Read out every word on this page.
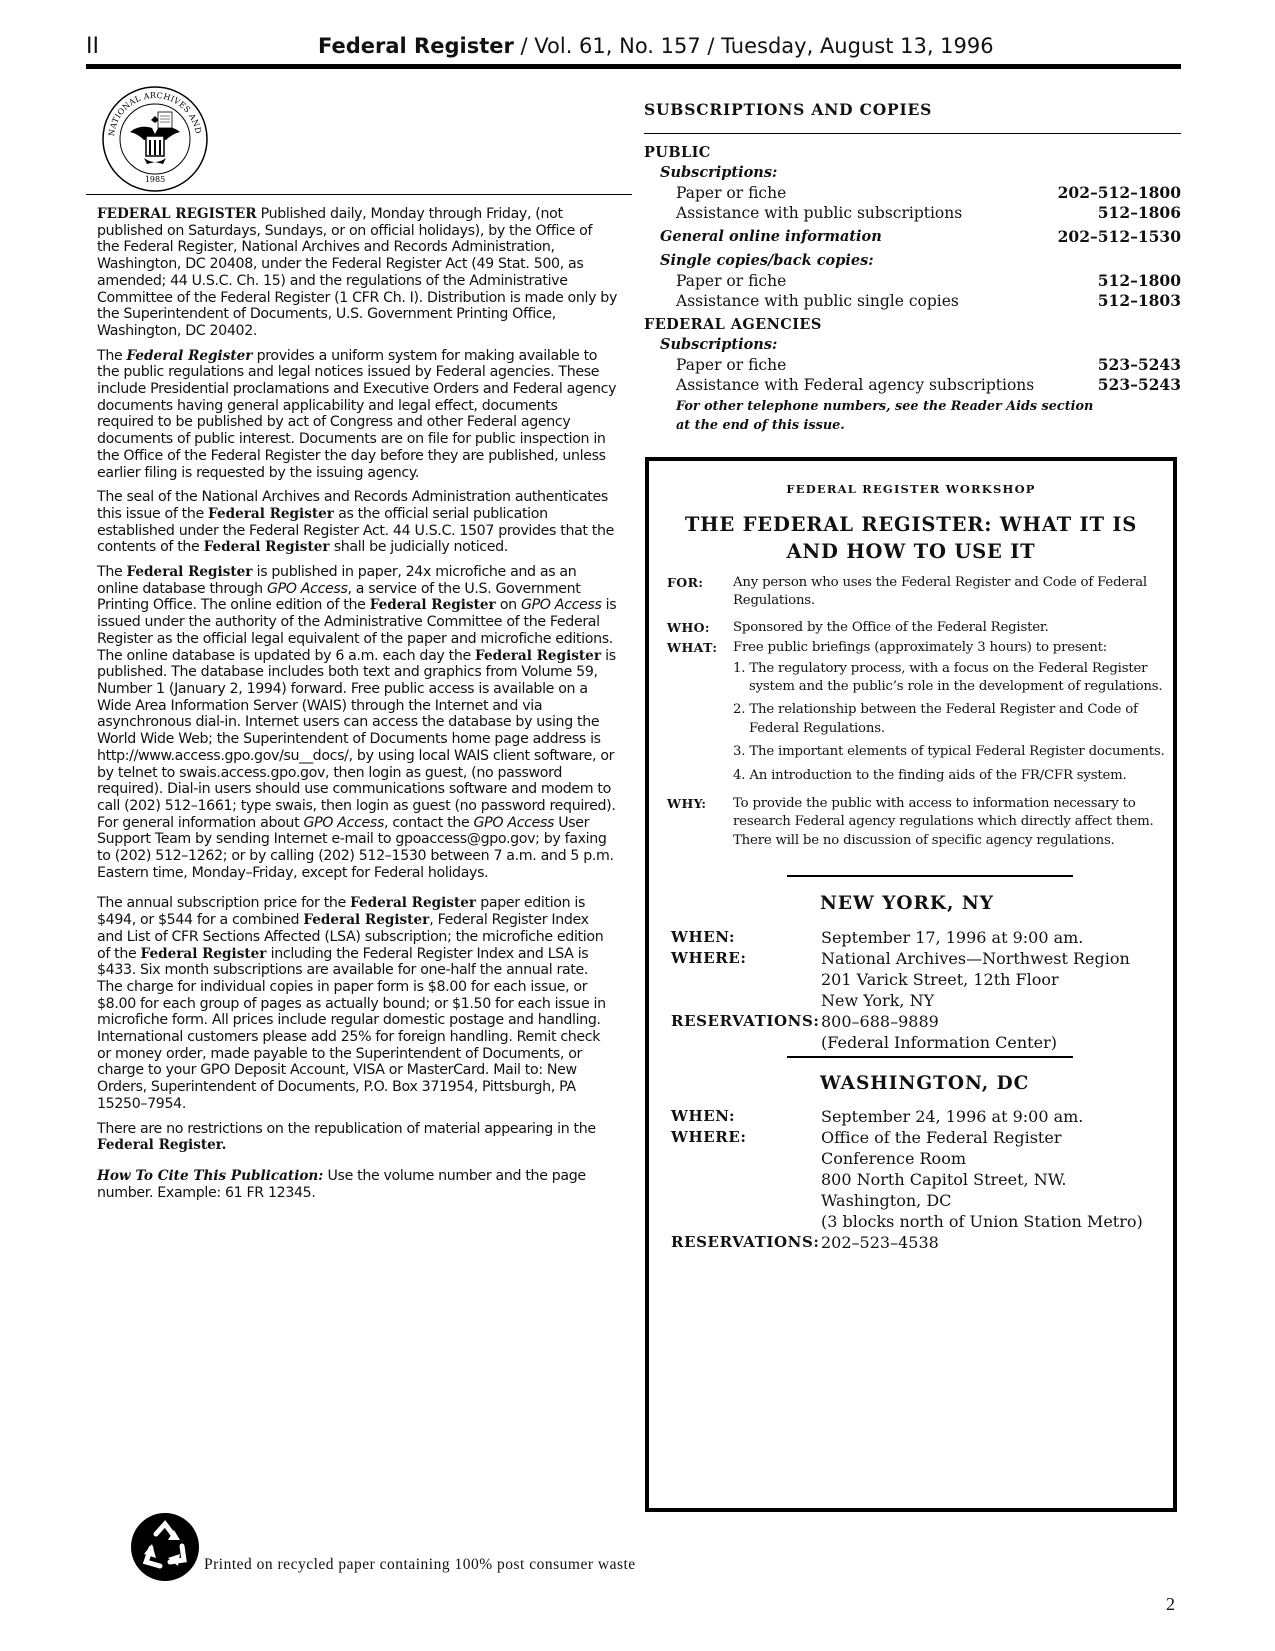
II	Federal Register / Vol. 61, No. 157 / Tuesday, August 13, 1996
NATIONAL ARCHIVES AND
1985

FEDERAL REGISTER Published daily, Monday through Friday, (not published on Saturdays, Sundays, or on official holidays), by the Office of the Federal Register, National Archives and Records Administration, Washington, DC 20408, under the Federal Register Act (49 Stat. 500, as amended; 44 U.S.C. Ch. 15) and the regulations of the Administrative Committee of the Federal Register (1 CFR Ch. I). Distribution is made only by the Superintendent of Documents, U.S. Government Printing Office, Washington, DC 20402.

The Federal Register provides a uniform system for making available to the public regulations and legal notices issued by Federal agencies. These include Presidential proclamations and Executive Orders and Federal agency documents having general applicability and legal effect, documents required to be published by act of Congress and other Federal agency documents of public interest. Documents are on file for public inspection in the Office of the Federal Register the day before they are published, unless earlier filing is requested by the issuing agency.

The seal of the National Archives and Records Administration authenticates this issue of the Federal Register as the official serial publication established under the Federal Register Act. 44 U.S.C. 1507 provides that the contents of the Federal Register shall be judicially noticed.

The Federal Register is published in paper, 24x microfiche and as an online database through GPO Access, a service of the U.S. Government Printing Office. The online edition of the Federal Register on GPO Access is issued under the authority of the Administrative Committee of the Federal Register as the official legal equivalent of the paper and microfiche editions. The online database is updated by 6 a.m. each day the Federal Register is published. The database includes both text and graphics from Volume 59, Number 1 (January 2, 1994) forward. Free public access is available on a Wide Area Information Server (WAIS) through the Internet and via asynchronous dial-in. Internet users can access the database by using the World Wide Web; the Superintendent of Documents home page address is http://www.access.gpo.gov/su__docs/, by using local WAIS client software, or by telnet to swais.access.gpo.gov, then login as guest, (no password required). Dial-in users should use communications software and modem to call (202) 512–1661; type swais, then login as guest (no password required). For general information about GPO Access, contact the GPO Access User Support Team by sending Internet e-mail to gpoaccess@gpo.gov; by faxing to (202) 512–1262; or by calling (202) 512–1530 between 7 a.m. and 5 p.m. Eastern time, Monday–Friday, except for Federal holidays.

The annual subscription price for the Federal Register paper edition is $494, or $544 for a combined Federal Register, Federal Register Index and List of CFR Sections Affected (LSA) subscription; the microfiche edition of the Federal Register including the Federal Register Index and LSA is $433. Six month subscriptions are available for one-half the annual rate. The charge for individual copies in paper form is $8.00 for each issue, or $8.00 for each group of pages as actually bound; or $1.50 for each issue in microfiche form. All prices include regular domestic postage and handling. International customers please add 25% for foreign handling. Remit check or money order, made payable to the Superintendent of Documents, or charge to your GPO Deposit Account, VISA or MasterCard. Mail to: New Orders, Superintendent of Documents, P.O. Box 371954, Pittsburgh, PA 15250–7954.

There are no restrictions on the republication of material appearing in the Federal Register.

How To Cite This Publication: Use the volume number and the page number. Example: 61 FR 12345.

Printed on recycled paper containing 100% post consumer waste
SUBSCRIPTIONS AND COPIES
PUBLIC
Subscriptions:
Paper or fiche	202–512–1800
Assistance with public subscriptions	512–1806
General online information	202–512–1530
Single copies/back copies:
Paper or fiche	512–1800
Assistance with public single copies	512–1803
FEDERAL AGENCIES
Subscriptions:
Paper or fiche	523–5243
Assistance with Federal agency subscriptions	523–5243
For other telephone numbers, see the Reader Aids section at the end of this issue.
FEDERAL REGISTER WORKSHOP
THE FEDERAL REGISTER: WHAT IT IS AND HOW TO USE IT
FOR:	Any person who uses the Federal Register and Code of Federal Regulations.
WHO:	Sponsored by the Office of the Federal Register.
WHAT:	Free public briefings (approximately 3 hours) to present:
1. The regulatory process, with a focus on the Federal Register system and the public’s role in the development of regulations.
2. The relationship between the Federal Register and Code of Federal Regulations.
3. The important elements of typical Federal Register documents.
4. An introduction to the finding aids of the FR/CFR system.
WHY:	To provide the public with access to information necessary to research Federal agency regulations which directly affect them. There will be no discussion of specific agency regulations.
NEW YORK, NY
WHEN:	September 17, 1996 at 9:00 am.
WHERE:	National Archives—Northwest Region
201 Varick Street, 12th Floor
New York, NY
RESERVATIONS: 800–688–9889
(Federal Information Center)
WASHINGTON, DC
WHEN:	September 24, 1996 at 9:00 am.
WHERE:	Office of the Federal Register
Conference Room
800 North Capitol Street, NW.
Washington, DC
(3 blocks north of Union Station Metro)
RESERVATIONS: 202–523–4538
2
